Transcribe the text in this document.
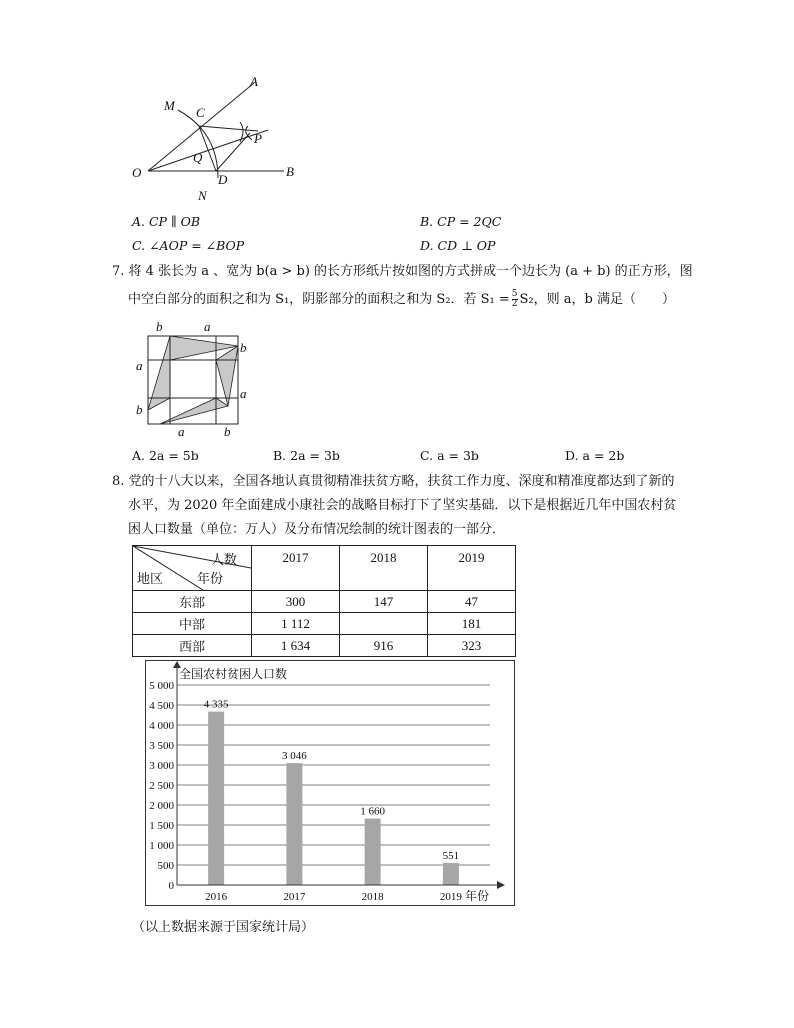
A
M C
P
Q
O	D
B
N
A. CP ∥ OB	B. CP = 2QC
C. ∠AOP = ∠BOP	D. CD ⊥ OP
7. 将 4 张长为 a 、宽为 b(a > b) 的长方形纸片按如图的方式拼成一个边长为 (a + b) 的正方形，图
中空白部分的面积之和为 S₁，阴影部分的面积之和为 S₂．若 $S_1 = \frac{5}{2} S_2$，则 a，b 满足（　　）
b	a
b
a
a
b
a	b
A. 2a = 5b	B. 2a = 3b	C. a = 3b	D. a = 2b
8. 党的十八大以来，全国各地认真贯彻精准扶贫方略，扶贫工作力度、深度和精准度都达到了新的
水平，为 2020 年全面建成小康社会的战略目标打下了坚实基础．以下是根据近几年中国农村贫
困人口数量（单位：万人）及分布情况绘制的统计图表的一部分．
人数
年份
地区	2017	2018	2019
东部	300	147	47
中部	1 112		181
西部	1 634	916	323
0
500
1 000
1 500
2 000
2 500
3 000
3 500
4 000
4 500
5 000
4 335
3 046
1 660
551
2016	2017	2018	2019
全国农村贫困人口数
年份
（以上数据来源于国家统计局）
